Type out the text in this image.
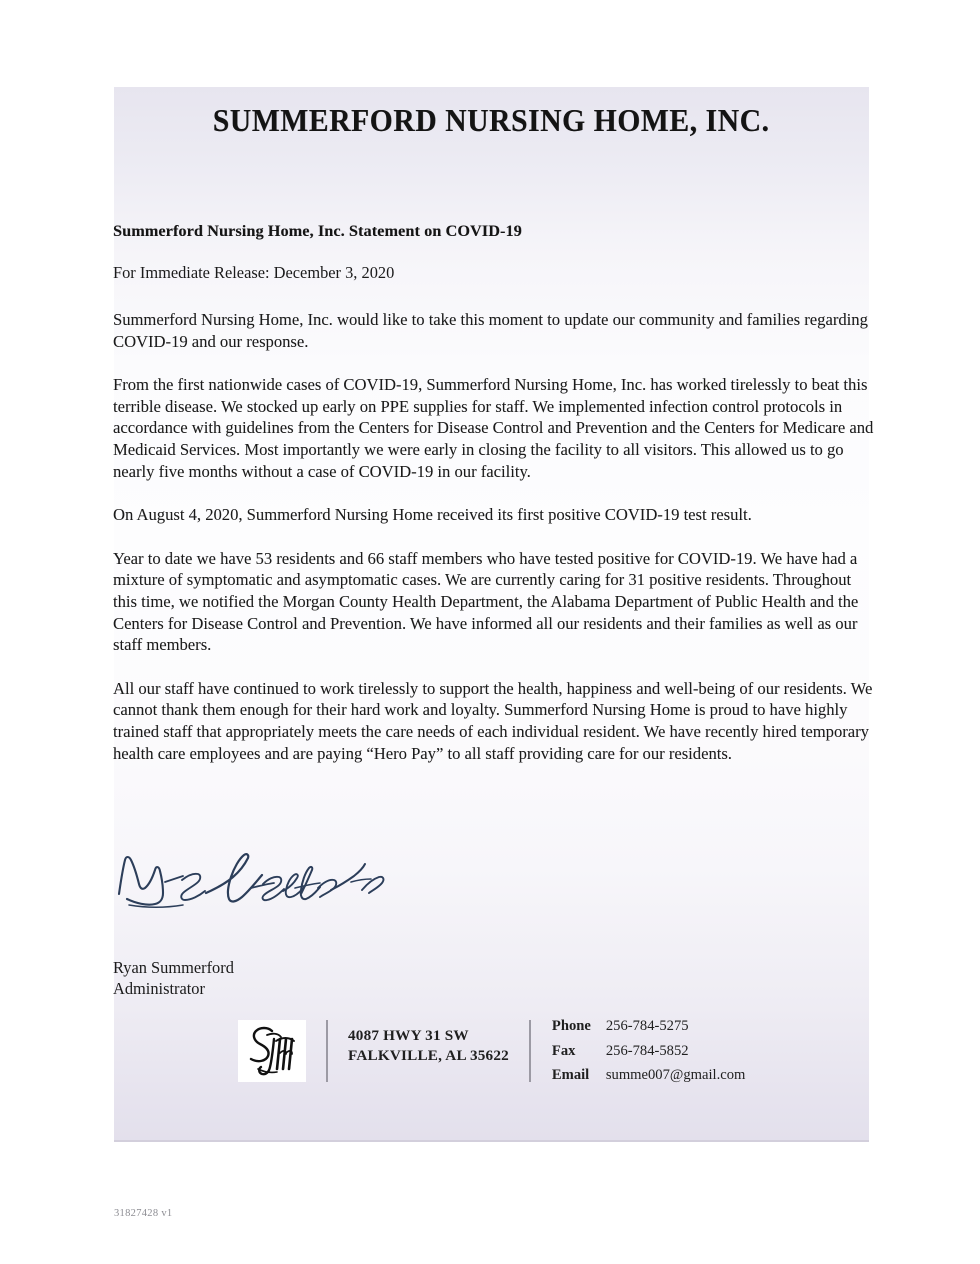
SUMMERFORD NURSING HOME, INC.
Summerford Nursing Home, Inc. Statement on COVID-19
For Immediate Release: December 3, 2020

Summerford Nursing Home, Inc. would like to take this moment to update our community and families regarding COVID-19 and our response.

From the first nationwide cases of COVID-19, Summerford Nursing Home, Inc. has worked tirelessly to beat this terrible disease. We stocked up early on PPE supplies for staff. We implemented infection control protocols in accordance with guidelines from the Centers for Disease Control and Prevention and the Centers for Medicare and Medicaid Services. Most importantly we were early in closing the facility to all visitors. This allowed us to go nearly five months without a case of COVID-19 in our facility.

On August 4, 2020, Summerford Nursing Home received its first positive COVID-19 test result.

Year to date we have 53 residents and 66 staff members who have tested positive for COVID-19. We have had a mixture of symptomatic and asymptomatic cases. We are currently caring for 31 positive residents. Throughout this time, we notified the Morgan County Health Department, the Alabama Department of Public Health and the Centers for Disease Control and Prevention. We have informed all our residents and their families as well as our staff members.

All our staff have continued to work tirelessly to support the health, happiness and well-being of our residents. We cannot thank them enough for their hard work and loyalty. Summerford Nursing Home is proud to have highly trained staff that appropriately meets the care needs of each individual resident. We have recently hired temporary health care employees and are paying “Hero Pay” to all staff providing care for our residents.

Ryan Summerford
Administrator
4087 HWY 31 SW
FALKVILLE, AL 35622
Phone	256-784-5275
Fax	256-784-5852
Email	summe007@gmail.com
31827428 v1
